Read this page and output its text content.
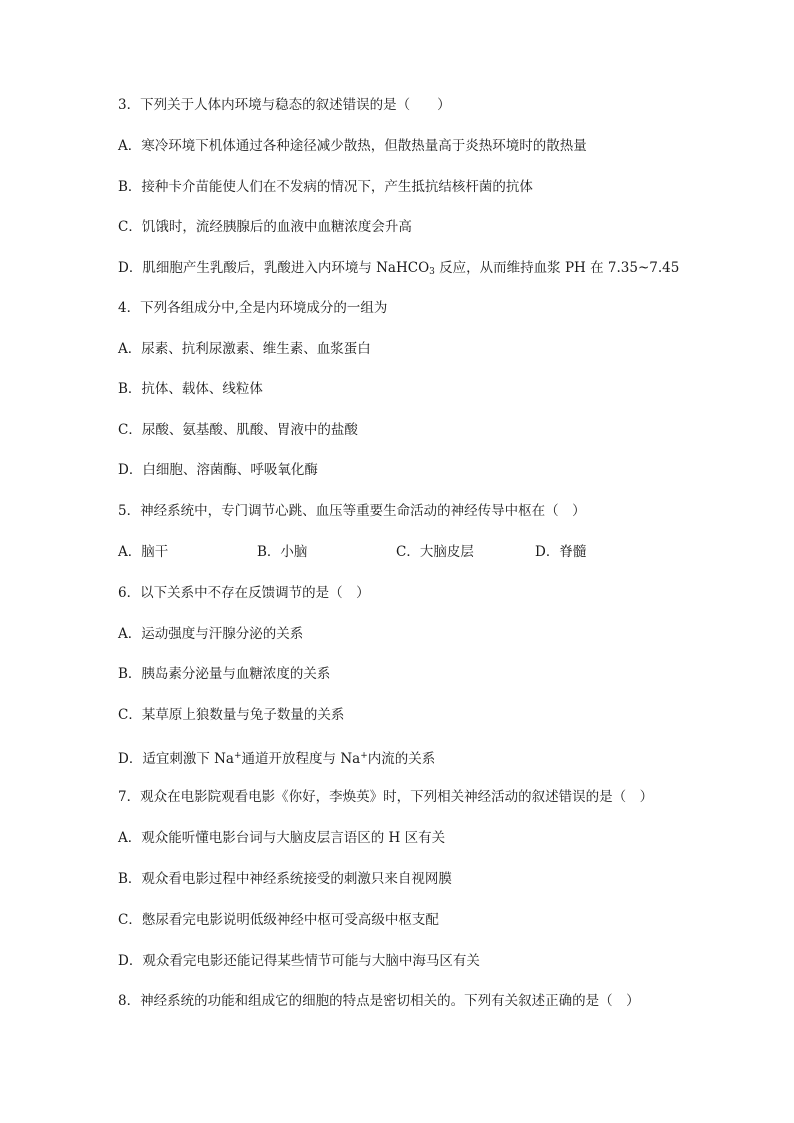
3．下列关于人体内环境与稳态的叙述错误的是（　　）
A．寒冷环境下机体通过各种途径减少散热，但散热量高于炎热环境时的散热量
B．接种卡介苗能使人们在不发病的情况下，产生抵抗结核杆菌的抗体
C．饥饿时，流经胰腺后的血液中血糖浓度会升高
D．肌细胞产生乳酸后，乳酸进入内环境与 NaHCO$_3$ 反应，从而维持血浆 PH 在 7.35~7.45
4．下列各组成分中,全是内环境成分的一组为
A．尿素、抗利尿激素、维生素、血浆蛋白
B．抗体、载体、线粒体
C．尿酸、氨基酸、肌酸、胃液中的盐酸
D．白细胞、溶菌酶、呼吸氧化酶
5．神经系统中，专门调节心跳、血压等重要生命活动的神经传导中枢在（　）
A．脑干	B．小脑	C．大脑皮层	D．脊髓
6．以下关系中不存在反馈调节的是（　）
A．运动强度与汗腺分泌的关系
B．胰岛素分泌量与血糖浓度的关系
C．某草原上狼数量与兔子数量的关系
D．适宜刺激下 Na+通道开放程度与 Na+内流的关系
7．观众在电影院观看电影《你好，李焕英》时，下列相关神经活动的叙述错误的是（　）
A．观众能听懂电影台词与大脑皮层言语区的 H 区有关
B．观众看电影过程中神经系统接受的刺激只来自视网膜
C．憋尿看完电影说明低级神经中枢可受高级中枢支配
D．观众看完电影还能记得某些情节可能与大脑中海马区有关
8．神经系统的功能和组成它的细胞的特点是密切相关的。下列有关叙述正确的是（　）
